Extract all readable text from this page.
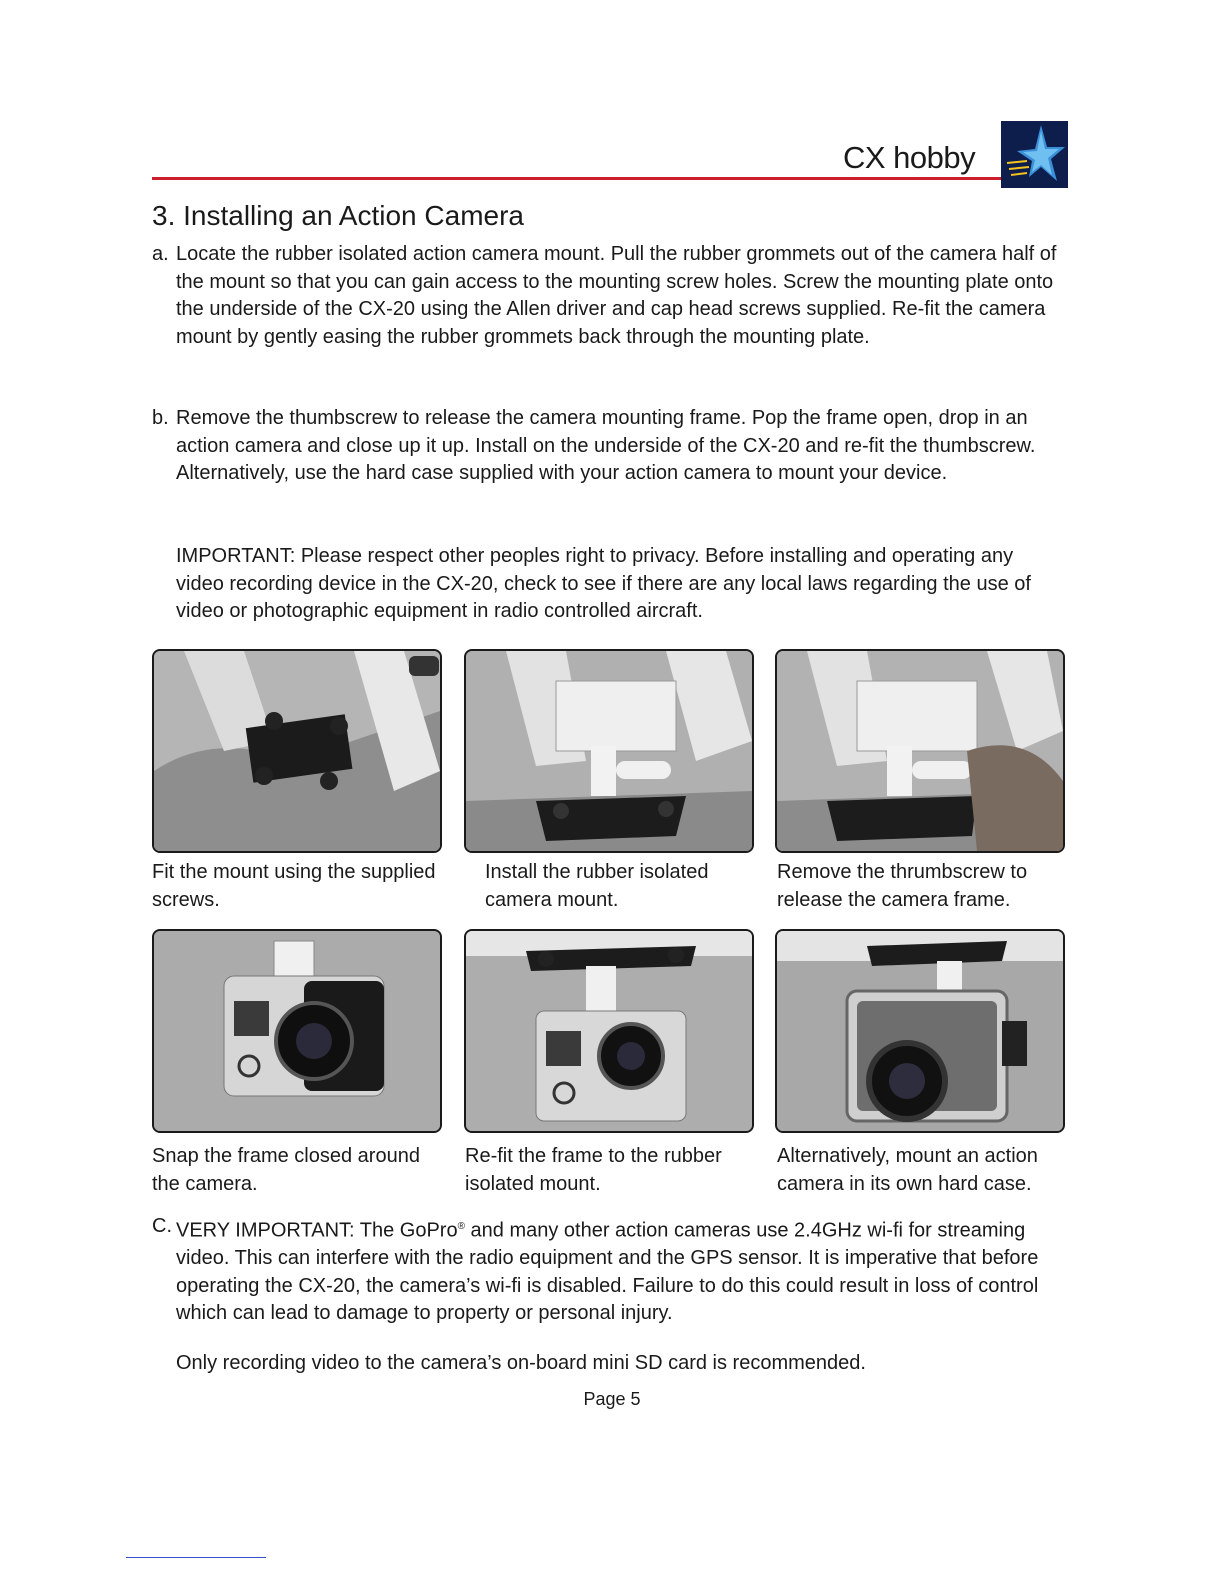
CX hobby
3. Installing an Action Camera
a. Locate the rubber isolated action camera mount. Pull the rubber grommets out of the camera half of the mount so that you can gain access to the mounting screw holes. Screw the mounting plate onto the underside of the CX-20 using the Allen driver and cap head screws supplied. Re-fit the camera mount by gently easing the rubber grommets back through the mounting plate.
b. Remove the thumbscrew to release the camera mounting frame. Pop the frame open, drop in an action camera and close up it up. Install on the underside of the CX-20 and re-fit the thumbscrew. Alternatively, use the hard case supplied with your action camera to mount your device.
IMPORTANT: Please respect other peoples right to privacy. Before installing and operating any video recording device in the CX-20, check to see if there are any local laws regarding the use of video or photographic equipment in radio controlled aircraft.
Fit the mount using the supplied screws.
Install the rubber isolated camera mount.
Remove the thrumbscrew to release the camera frame.
Snap the frame closed around the camera.
Re-fit the frame to the rubber isolated mount.
Alternatively, mount an action camera in its own hard case.
C. VERY IMPORTANT: The GoPro® and many other action cameras use 2.4GHz wi-fi for streaming video. This can interfere with the radio equipment and the GPS sensor. It is imperative that before operating the CX-20, the camera’s wi-fi is disabled. Failure to do this could result in loss of control which can lead to damage to property or personal injury.
Only recording video to the camera’s on-board mini SD card is recommended.
Page 5
